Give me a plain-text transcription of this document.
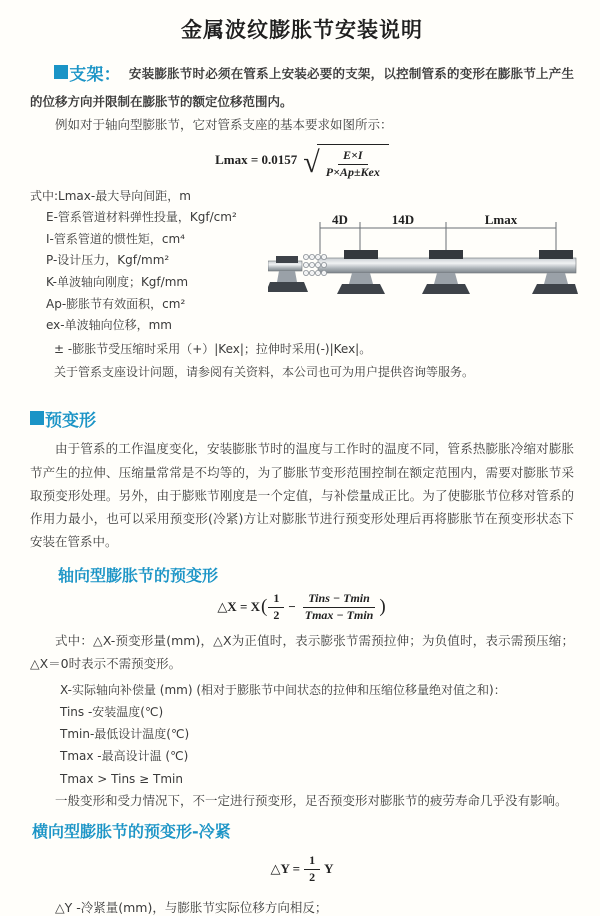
金属波纹膨胀节安装说明

支架： 安装膨胀节时必须在管系上安装必要的支架，以控制管系的变形在膨胀节上产生的位移方向并限制在膨胀节的额定位移范围内。

例如对于轴向型膨胀节，它对管系支座的基本要求如图所示：

Lmax = 0.0157 √ $\frac{E\times I}{\text{P×Ap±Kex}}$
式中:Lmax-最大导向间距，m
E-管系管道材料弹性投量，Kgf/cm²
I-管系管道的惯性矩，cm⁴
P-设计压力，Kgf/mm²
K-单波轴向刚度；Kgf/mm
Ap-膨胀节有效面积，cm²
ex-单波轴向位移，mm
4D	14D	Lmax

± -膨胀节受压缩时采用（+）|Kex|；拉伸时采用(-)|Kex|。

关于管系支座设计问题，请参阅有关资料，本公司也可为用户提供咨询等服务。

预变形

由于管系的工作温度变化，安装膨胀节时的温度与工作时的温度不同，管系热膨胀冷缩对膨胀节产生的拉伸、压缩量常常是不均等的，为了膨胀节变形范围控制在额定范围内，需要对膨胀节采取预变形处理。另外，由于膨账节刚度是一个定值，与补偿量成正比。为了使膨胀节位移对管系的作用力最小，也可以采用预变形(冷紧)方让对膨胀节进行预变形处理后再将膨胀节在预变形状态下安装在管系中。

轴向型膨胀节的预变形
△X = X ( $\frac{1}{2} - \frac{\text{Tins − Tmin}}{Tmax - Tmin}$ )

式中：△X-预变形量(mm)，△X为正值时，表示膨张节需预拉伸；为负值时，表示需预压缩；△X＝0时表示不需预变形。

X-实际轴向补偿量 (mm) (相对于膨胀节中间状态的拉伸和压缩位移量绝对值之和)：
Tins -安装温度(℃)
Tmin-最低设计温度(℃)
Tmax -最高设计温 (℃)
Tmax > Tins ≥ Tmin

一般变形和受力情况下，不一定进行预变形，足否预变形对膨胀节的疲劳寿命几乎没有影响。

横向型膨胀节的预变形-冷紧
△Y = $\frac{1}{2}$ Y

△Y -冷紧量(mm)，与膨胀节实际位移方向相反；
